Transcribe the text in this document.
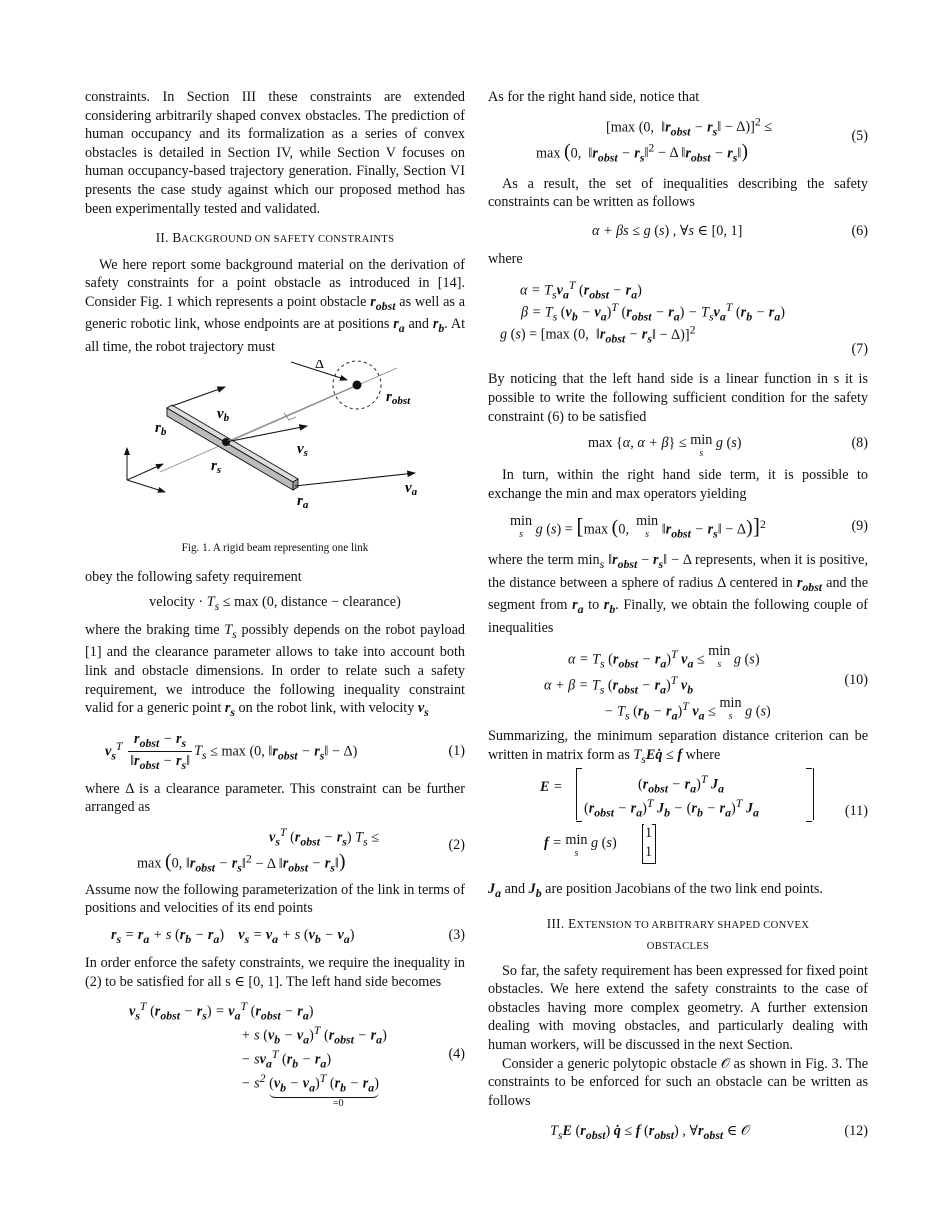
constraints. In Section III these constraints are extended considering arbitrarily shaped convex obstacles. The prediction of human occupancy and its formalization as a series of convex obstacles is detailed in Section IV, while Section V focuses on human occupancy-based trajectory generation. Finally, Section VI presents the case study against which our proposed method has been experimentally tested and validated.

II. BACKGROUND ON SAFETY CONSTRAINTS

We here report some background material on the derivation of safety constraints for a point obstacle as introduced in [14]. Consider Fig. 1 which represents a point obstacle $r_{obst}$ as well as a generic robotic link, whose endpoints are at positions $r_a$ and $r_b$. At all time, the robot trajectory must

Δ
$r_{obst}$
$v_b$
$r_b$
$v_s$
$r_s$
$r_a$
$v_a$
Fig. 1. A rigid beam representing one link

obey the following safety requirement

velocity · $T_s \le \max (0$, distance − clearance)

where the braking time $T_s$ possibly depends on the robot payload [1] and the clearance parameter allows to take into account both link and obstacle dimensions. In order to relate such a safety requirement, we introduce the following inequality constraint valid for a generic point $r_s$ on the robot link, with velocity $v_s$

$v_s^T \frac{r_{obst} - r_s}{‖r_{obst} - r_s‖} T_s \le \max (0$, $‖r_{obst}$ − $r_s‖ - \Delta$)	(1)

where Δ is a clearance parameter. This constraint can be further arranged as

$v_s^T$ $(r_{obst} - r_s) T_s$ ≤
max (0, $‖r_{obst}$ − $r_s‖^2 - \Delta$ $‖r_{obst}$ − $r_s‖$)
(2)

Assume now the following parameterization of the link in terms of positions and velocities of its end points

$r_s = r_a + s$ $(r_b - r_a) v_s = v_a + s$ $(v_b - v_a)$	(3)

In order enforce the safety constraints, we require the inequality in (2) to be satisfied for all s ∈ [0, 1]. The left hand side becomes

$v_s^T$ $(r_{obst} - r_s) = v_a^T$ $(r_{obst} - r_a)$
+ s $(v_b - v_a)^T$ $(r_{obst} - r_a)$
− $sv_a^T$ $(r_b - r_a)$
− $s^2$ $(v_b - v_a)^T$ $(r_b - r_a)$
=0
(4)

As for the right hand side, notice that

[max (0,  $‖r_{obst}$ − $r_s‖ - \Delta)]^2$ ≤
max (0,  $‖r_{obst}$ − $r_s‖^2 - \Delta$ $‖r_{obst}$ − $r_s‖$)
(5)

As a result, the set of inequalities describing the safety constraints can be written as follows

α + βs ≤ g (s) , ∀s ∈ [0, 1]	(6)

where

$\alpha = T_sv_a^T$ $(r_{obst} - r_a)$
$\beta = T_s$ $(v_b - v_a)^T$ $(r_{obst} - r_a) - T_sv_a^T$ $(r_b - r_a)$
g (s) = [max (0,  $‖r_{obst}$ − $r_s‖ - \Delta)]^2$
(7)

By noticing that the left hand side is a linear function in s it is possible to write the following sufficient condition for the safety constraint (6) to be satisfied

max {α, α + β} ≤ min
s g (s)	(8)

In turn, within the right hand side term, it is possible to exchange the min and max operators yielding

min
s g (s) = [max (0,  min
s $‖r_{obst}$ − $r_s‖ - \Delta)]^2$	(9)

where the term $\min_s$ $‖r_{obst}$ − $r_s‖ - \Delta$ represents, when it is positive, the distance between a sphere of radius Δ centered in $r_{obst}$ and the segment from $r_a$ to $r_b$. Finally, we obtain the following couple of inequalities

$\alpha = T_s$ $(r_{obst} - r_a)^T$ $v_a \le \min$
s g (s)
$\alpha + \beta = T_s$ $(r_{obst} - r_a)^T$ $v_b$
− $T_s$ $(r_b - r_a)^T$ $v_a \le \min$
s g (s)
(10)

Summarizing, the minimum separation distance criterion can be written in matrix form as $T_sEq̇ \le f$ where

E =	$(r_{obst} - r_a)^T$ $J_a$
$(r_{obst} - r_a)^T$ $J_b - (r_b - r_a)^T$ $J_a$
f = min
s g (s)
1
1
(11)

$J_a$ and $J_b$ are position Jacobians of the two link end points.

III. EXTENSION TO ARBITRARY SHAPED CONVEX
OBSTACLES

So far, the safety requirement has been expressed for fixed point obstacles. We here extend the safety constraints to the case of obstacles having more complex geometry. A further extension dealing with moving obstacles, and particularly dealing with human workers, will be discussed in the next Section.

Consider a generic polytopic obstacle 𝒪 as shown in Fig. 3. The constraints to be enforced for such an obstacle can be written as follows

$T_sE$ $(r_{obst})$ q̇ ≤ f $(r_{obst})$ , $\forall r_{obst}$ ∈ 𝒪	(12)
